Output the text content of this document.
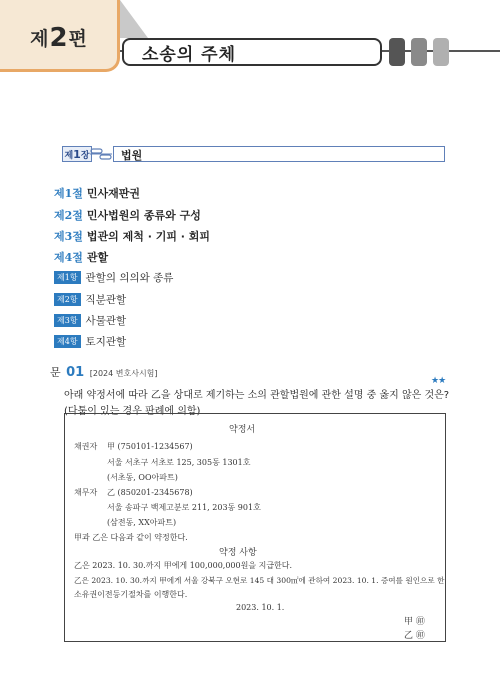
제 2 편
소송의 주체
제 1 장	법원
제1절 민사재판권
제2절 민사법원의 종류와 구성
제3절 법관의 제척 · 기피 · 회피
제4절 관할
제1항 관할의 의의와 종류
제2항 직분관할
제3항 사물관할
제4항 토지관할
문 01 [2024 변호사시험]
★★
아래 약정서에 따라 乙을 상대로 제기하는 소의 관할법원에 관한 설명 중 옳지 않은 것은? (다툼이 있는 경우 판례에 의함)
약정서
채권자 甲 (750101-1234567)
서울 서초구 서초로 125, 305동 1301호
(서초동, OO아파트)
채무자 乙 (850201-2345678)
서울 송파구 백제고분로 211, 203동 901호
(삼전동, XX아파트)
甲과 乙은 다음과 같이 약정한다.
약정 사항
乙은 2023. 10. 30.까지 甲에게 100,000,000원을 지급한다.
乙은 2023. 10. 30.까지 甲에게 서울 강북구 오현로 145 대 300㎡에 관하여 2023. 10. 1. 증여를 원인으로 한
소유권이전등기절차를 이행한다.
2023. 10. 1.
甲 ㊞
乙 ㊞
